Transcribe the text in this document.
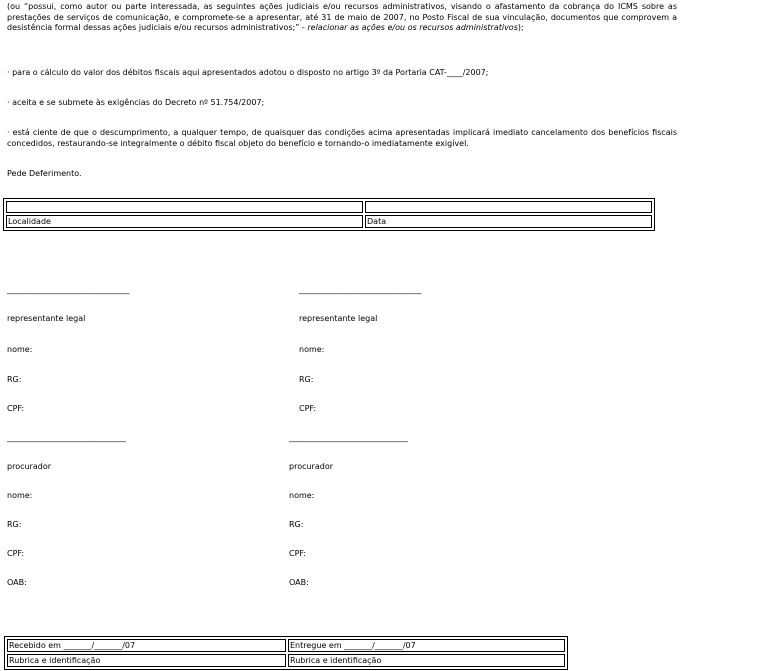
(ou “possui, como autor ou parte interessada, as seguintes ações judiciais e/ou recursos administrativos, visando o afastamento da cobrança do ICMS sobre as prestações de serviços de comunicação, e compromete-se a apresentar, até 31 de maio de 2007, no Posto Fiscal de sua vinculação, documentos que comprovem a desistência formal dessas ações judiciais e/ou recursos administrativos;” - relacionar as ações e/ou os recursos administrativos);

· para o cálculo do valor dos débitos fiscais aqui apresentados adotou o disposto no artigo 3º da Portaria CAT-____/2007;
· aceita e se submete às exigências do Decreto nº 51.754/2007;

· está ciente de que o descumprimento, a qualquer tempo, de quaisquer das condições acima apresentadas implicará imediato cancelamento dos benefícios fiscais concedidos, restaurando-se integralmente o débito fiscal objeto do benefício e tornando-o imediatamente exigível.

Pede Deferimento.

Localidade	Data
_________________________________	_________________________________
representante legal
nome:
RG:
CPF:
representante legal
nome:
RG:
CPF:
________________________________	________________________________
procurador
nome:
RG:
CPF:
OAB:
procurador
nome:
RG:
CPF:
OAB:
Recebido em _______/_______/07	Entregue em _______/_______/07
Rubrica e identificação	Rubrica e identificação
